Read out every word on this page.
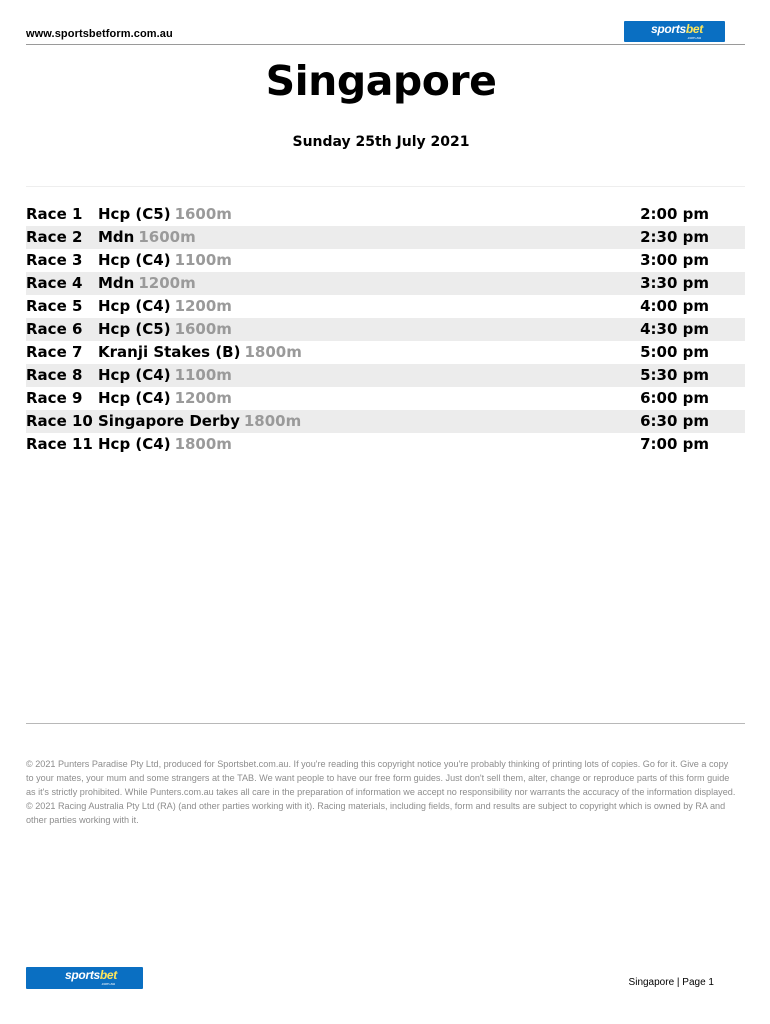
www.sportsbetform.com.au	sportsbet
.com.au
Singapore
Sunday 25th July 2021
Race 1 Hcp (C5) 1600m	2:00 pm
Race 2 Mdn 1600m	2:30 pm
Race 3 Hcp (C4) 1100m	3:00 pm
Race 4 Mdn 1200m	3:30 pm
Race 5 Hcp (C4) 1200m	4:00 pm
Race 6 Hcp (C5) 1600m	4:30 pm
Race 7 Kranji Stakes (B) 1800m	5:00 pm
Race 8 Hcp (C4) 1100m	5:30 pm
Race 9 Hcp (C4) 1200m	6:00 pm
Race 10 Singapore Derby 1800m	6:30 pm
Race 11 Hcp (C4) 1800m	7:00 pm

© 2021 Punters Paradise Pty Ltd, produced for Sportsbet.com.au. If you're reading this copyright notice you're probably thinking of printing lots of copies. Go for it. Give a copy to your mates, your mum and some strangers at the TAB. We want people to have our free form guides. Just don't sell them, alter, change or reproduce parts of this form guide as it's strictly prohibited. While Punters.com.au takes all care in the preparation of information we accept no responsibility nor warrants the accuracy of the information displayed.

© 2021 Racing Australia Pty Ltd (RA) (and other parties working with it). Racing materials, including fields, form and results are subject to copyright which is owned by RA and other parties working with it.

sportsbet
.com.au	Singapore | Page 1
